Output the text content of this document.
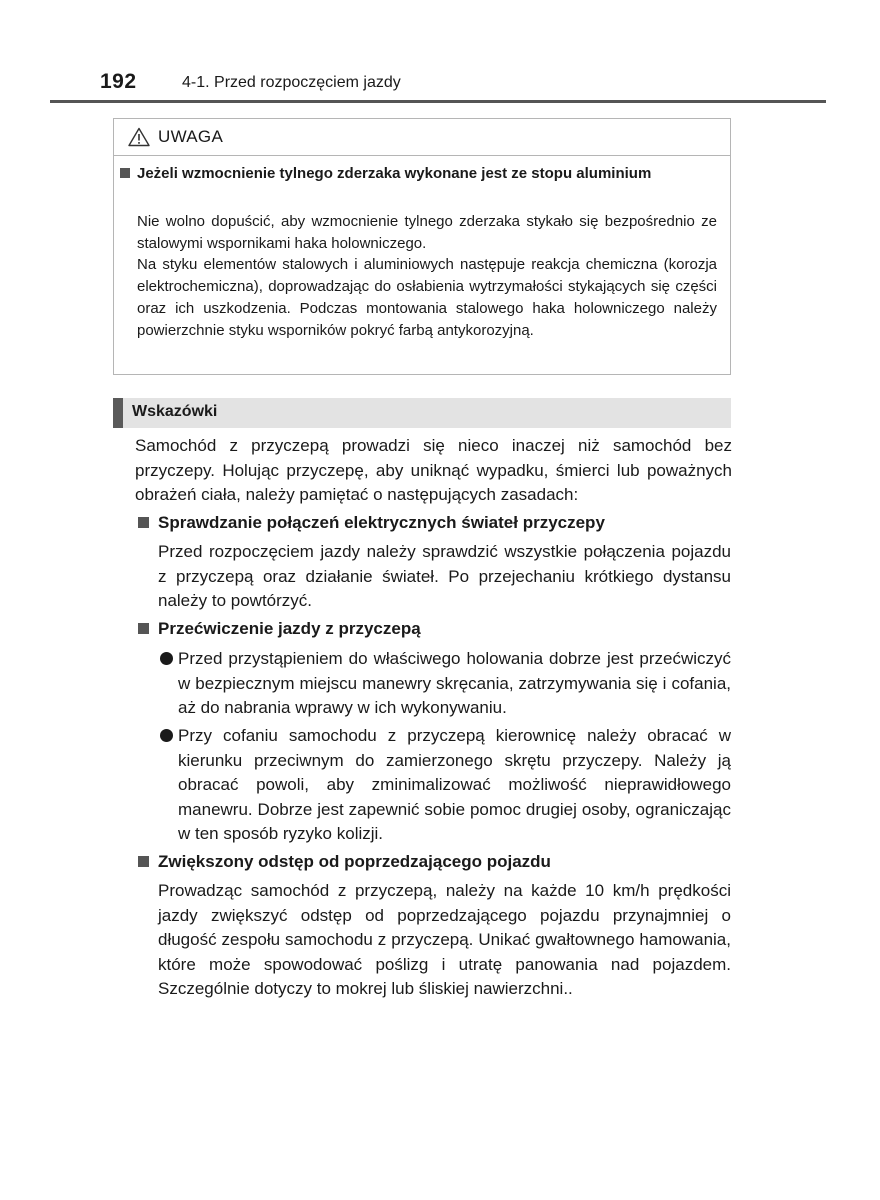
192	4-1. Przed rozpoczęciem jazdy
UWAGA
Jeżeli wzmocnienie tylnego zderzaka wykonane jest ze stopu aluminium

Nie wolno dopuścić, aby wzmocnienie tylnego zderzaka stykało się bezpośrednio ze stalowymi wspornikami haka holowniczego.

Na styku elementów stalowych i aluminiowych następuje reakcja chemiczna (korozja elektrochemiczna), doprowadzając do osłabienia wytrzymałości stykających się części oraz ich uszkodzenia. Podczas montowania stalowego haka holowniczego należy powierzchnie styku wsporników pokryć farbą antykorozyjną.

Wskazówki

Samochód z przyczepą prowadzi się nieco inaczej niż samochód bez przyczepy. Holując przyczepę, aby uniknąć wypadku, śmierci lub poważnych obrażeń ciała, należy pamiętać o następujących zasadach:

Sprawdzanie połączeń elektrycznych świateł przyczepy

Przed rozpoczęciem jazdy należy sprawdzić wszystkie połączenia pojazdu z przyczepą oraz działanie świateł. Po przejechaniu krótkiego dystansu należy to powtórzyć.

Przećwiczenie jazdy z przyczepą

Przed przystąpieniem do właściwego holowania dobrze jest przećwiczyć w bezpiecznym miejscu manewry skręcania, zatrzymywania się i cofania, aż do nabrania wprawy w ich wykonywaniu.

Przy cofaniu samochodu z przyczepą kierownicę należy obracać w kierunku przeciwnym do zamierzonego skrętu przyczepy. Należy ją obracać powoli, aby zminimalizować możliwość nieprawidłowego manewru. Dobrze jest zapewnić sobie pomoc drugiej osoby, ograniczając w ten sposób ryzyko kolizji.

Zwiększony odstęp od poprzedzającego pojazdu

Prowadząc samochód z przyczepą, należy na każde 10 km/h prędkości jazdy zwiększyć odstęp od poprzedzającego pojazdu przynajmniej o długość zespołu samochodu z przyczepą. Unikać gwałtownego hamowania, które może spowodować poślizg i utratę panowania nad pojazdem. Szczególnie dotyczy to mokrej lub śliskiej nawierzchni..
